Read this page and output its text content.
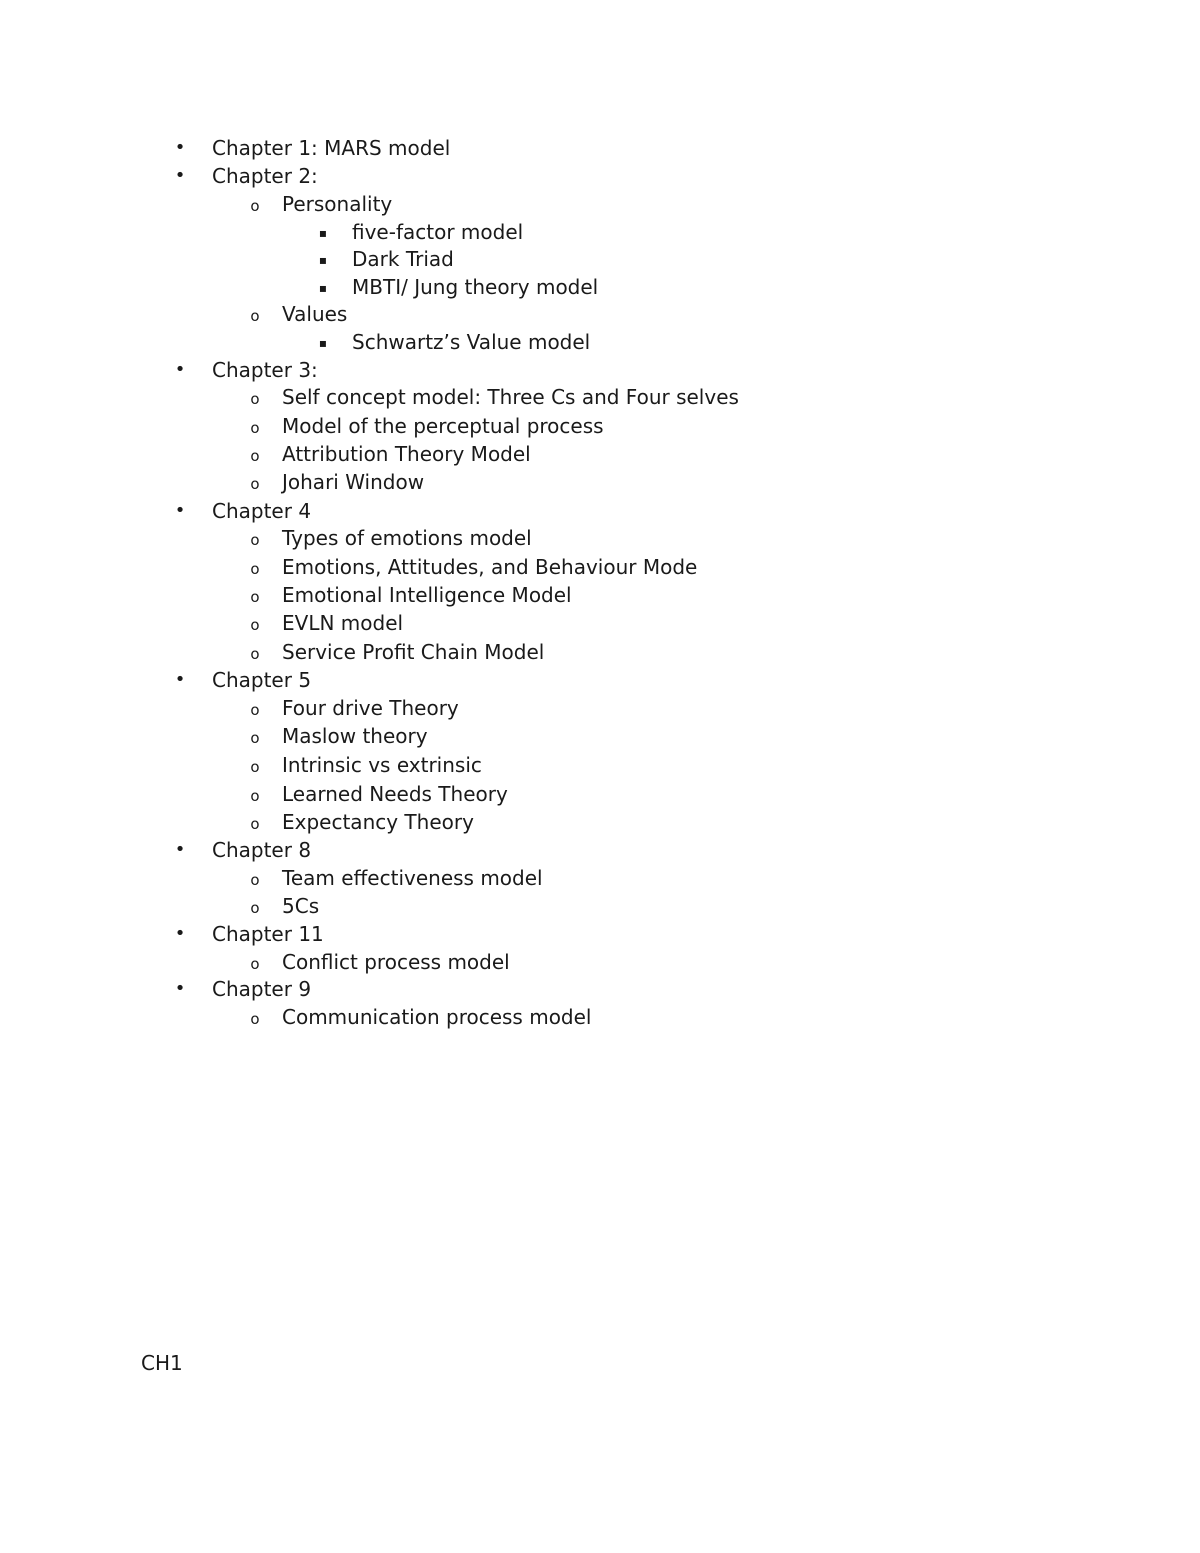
• Chapter 1: MARS model
• Chapter 2:
o Personality
▪ five-factor model
▪ Dark Triad
▪ MBTI/ Jung theory model
o Values
▪ Schwartz’s Value model
• Chapter 3:
o Self concept model: Three Cs and Four selves
o Model of the perceptual process
o Attribution Theory Model
o Johari Window
• Chapter 4
o Types of emotions model
o Emotions, Attitudes, and Behaviour Mode
o Emotional Intelligence Model
o EVLN model
o Service Profit Chain Model
• Chapter 5
o Four drive Theory
o Maslow theory
o Intrinsic vs extrinsic
o Learned Needs Theory
o Expectancy Theory
• Chapter 8
o Team effectiveness model
o 5Cs
• Chapter 11
o Conflict process model
• Chapter 9
o Communication process model
CH1
